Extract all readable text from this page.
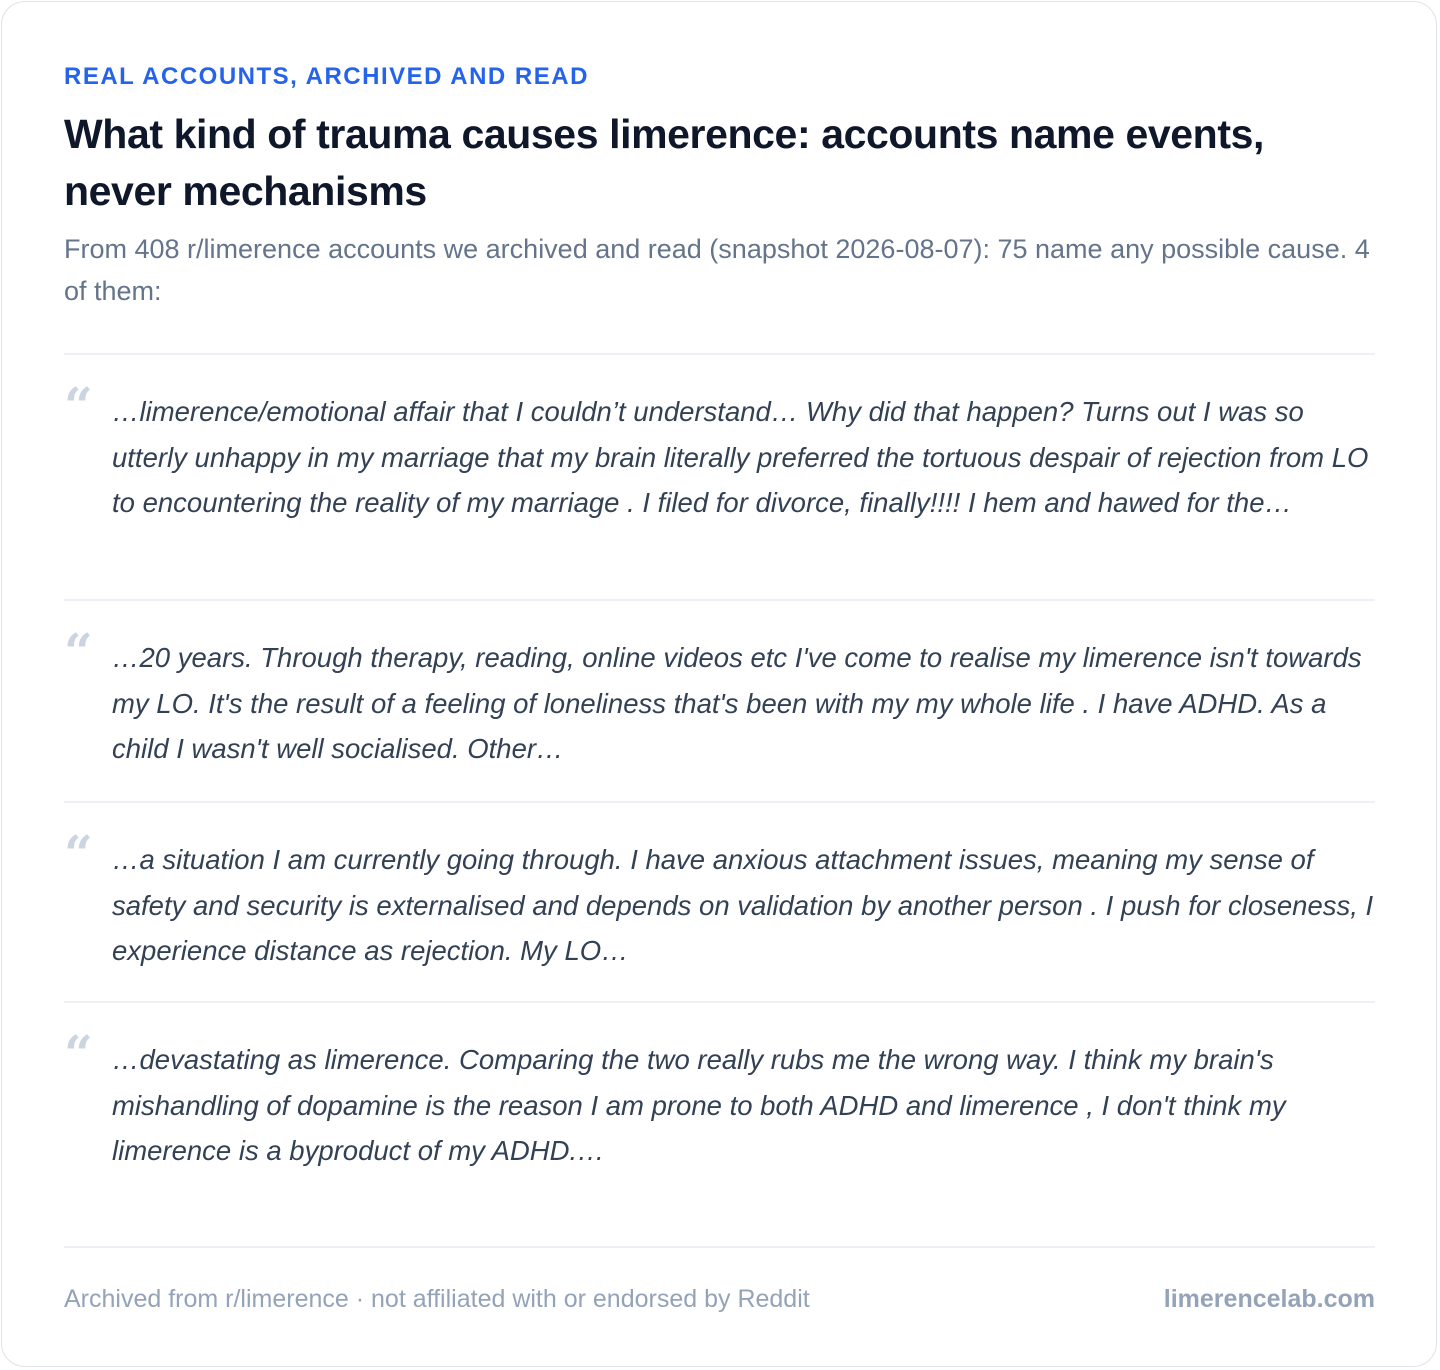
REAL ACCOUNTS, ARCHIVED AND READ
What kind of trauma causes limerence: accounts name events, never mechanisms

From 408 r/limerence accounts we archived and read (snapshot 2026-08-07): 75 name any possible cause. 4 of them:

“ …limerence/emotional affair that I couldn’t understand… Why did that happen? Turns out I was so utterly unhappy in my marriage that my brain literally preferred the tortuous despair of rejection from LO to encountering the reality of my marriage . I filed for divorce, finally!!!! I hem and hawed for the…

“ …20 years. Through therapy, reading, online videos etc I've come to realise my limerence isn't towards my LO. It's the result of a feeling of loneliness that's been with my my whole life . I have ADHD. As a child I wasn't well socialised. Other…

“ …a situation I am currently going through. I have anxious attachment issues, meaning my sense of safety and security is externalised and depends on validation by another person . I push for closeness, I experience distance as rejection. My LO…

“ …devastating as limerence. Comparing the two really rubs me the wrong way. I think my brain's mishandling of dopamine is the reason I am prone to both ADHD and limerence , I don't think my limerence is a byproduct of my ADHD.…

Archived from r/limerence · not affiliated with or endorsed by Reddit	limerencelab.com
